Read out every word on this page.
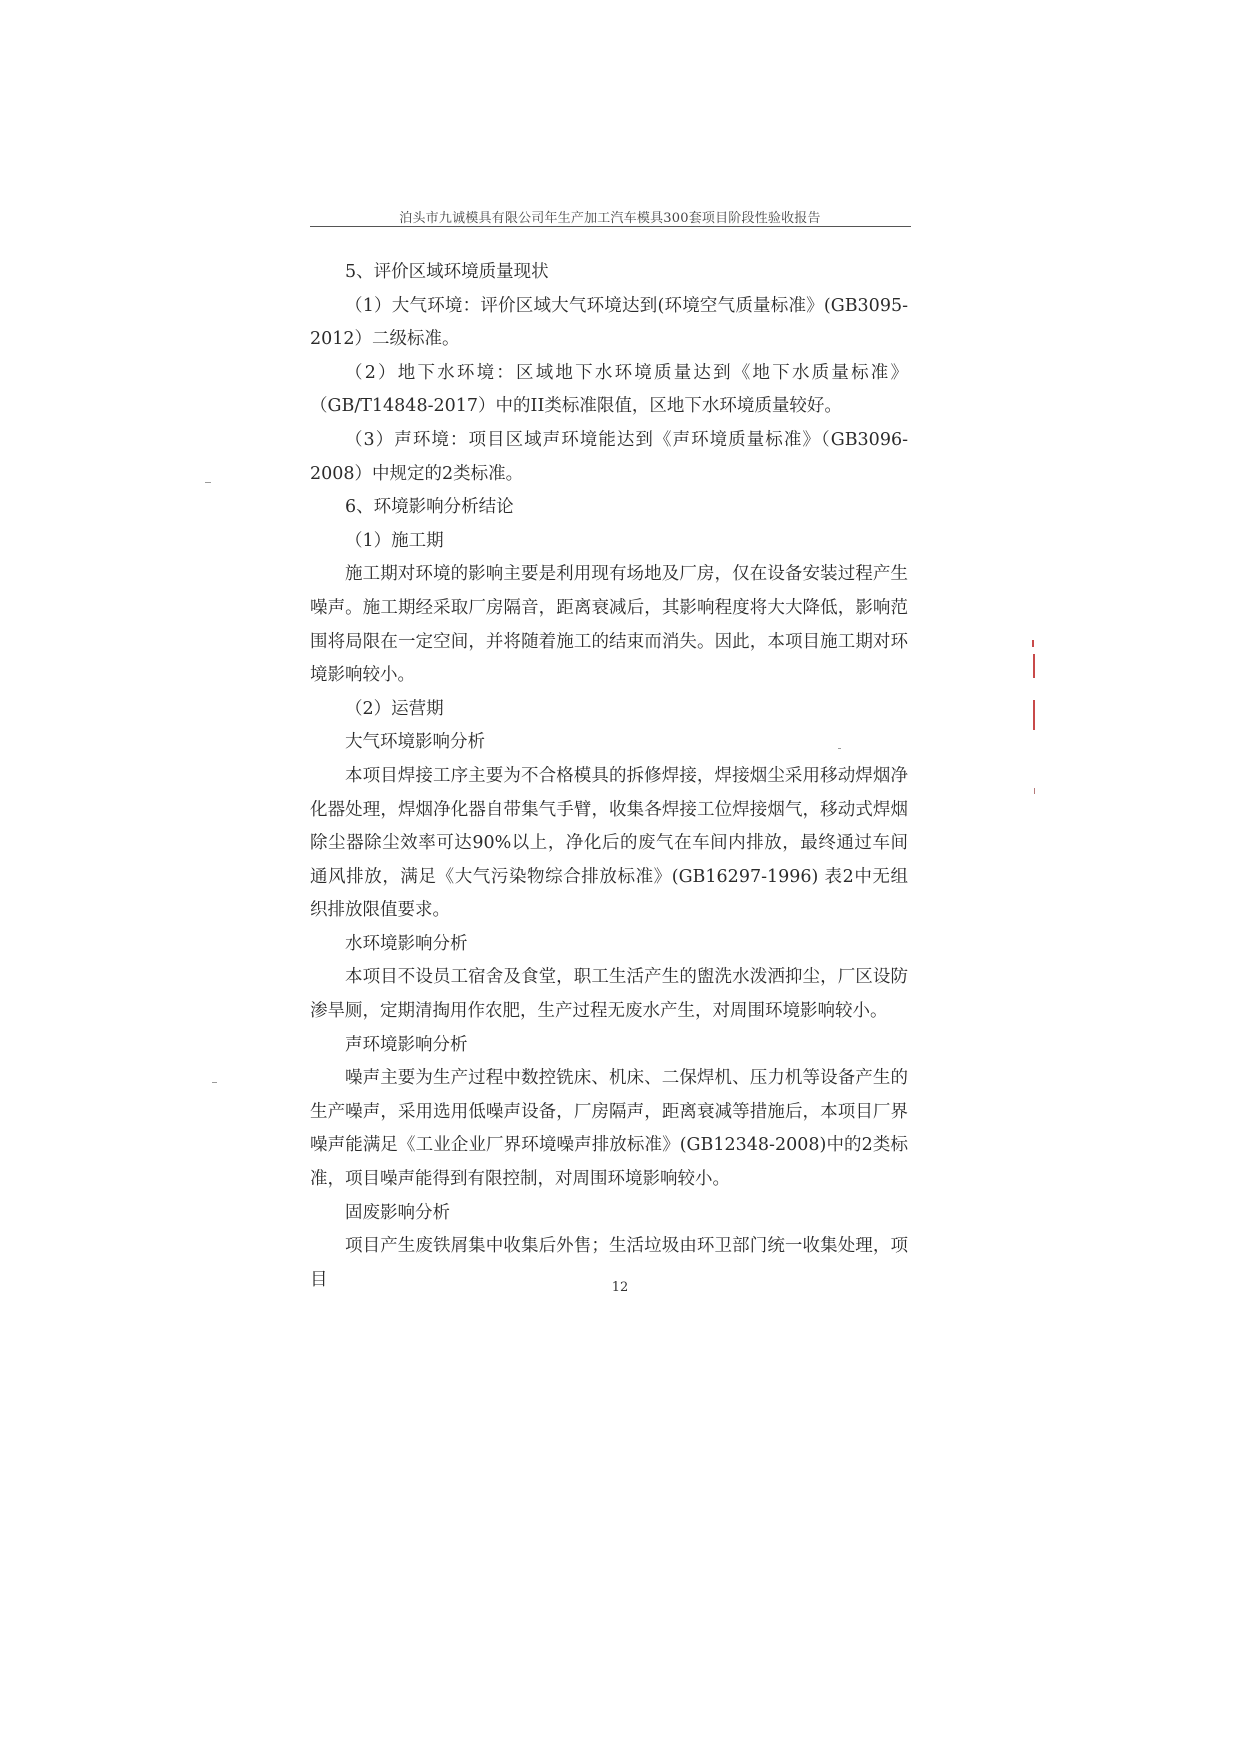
泊头市九诚模具有限公司年生产加工汽车模具300套项目阶段性验收报告

5、评价区域环境质量现状

（1）大气环境：评价区域大气环境达到(环境空气质量标准》(GB3095-2012）二级标准。

（2）地下水环境：区域地下水环境质量达到《地下水质量标准》（GB/T14848-2017）中的II类标准限值，区地下水环境质量较好。

（3）声环境：项目区域声环境能达到《声环境质量标准》（GB3096-2008）中规定的2类标准。

6、环境影响分析结论

（1）施工期

施工期对环境的影响主要是利用现有场地及厂房，仅在设备安装过程产生噪声。施工期经采取厂房隔音，距离衰减后，其影响程度将大大降低，影响范围将局限在一定空间，并将随着施工的结束而消失。因此，本项目施工期对环境影响较小。

（2）运营期

大气环境影响分析

本项目焊接工序主要为不合格模具的拆修焊接，焊接烟尘采用移动焊烟净化器处理，焊烟净化器自带集气手臂，收集各焊接工位焊接烟气，移动式焊烟除尘器除尘效率可达90%以上，净化后的废气在车间内排放，最终通过车间通风排放，满足《大气污染物综合排放标准》(GB16297-1996) 表2中无组织排放限值要求。

水环境影响分析

本项目不设员工宿舍及食堂，职工生活产生的盥洗水泼洒抑尘，厂区设防渗旱厕，定期清掏用作农肥，生产过程无废水产生，对周围环境影响较小。

声环境影响分析

噪声主要为生产过程中数控铣床、机床、二保焊机、压力机等设备产生的生产噪声，采用选用低噪声设备，厂房隔声，距离衰减等措施后，本项目厂界噪声能满足《工业企业厂界环境噪声排放标准》(GB12348-2008)中的2类标准，项目噪声能得到有限控制，对周围环境影响较小。

固废影响分析

项目产生废铁屑集中收集后外售；生活垃圾由环卫部门统一收集处理，项目	12
